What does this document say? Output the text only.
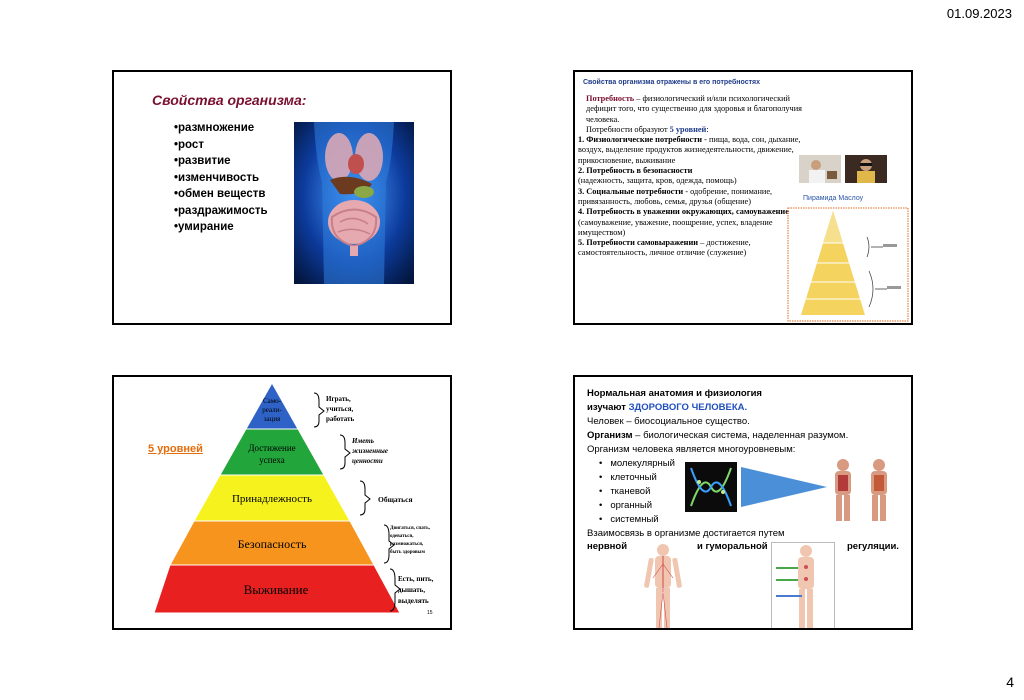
01.09.2023
Свойства организма:
• размножение
• рост
• развитие
• изменчивость
• обмен веществ
• раздражимость
• умирание
Свойства организма отражены в его потребностях

Потребность – физиологический и/или психологический дефицит того, что существенно для здоровья и благополучия человека.

Потребности образуют 5 уровней:

1. Физиологические потребности - пища, вода, сон, дыхание, воздух, выделение продуктов жизнедеятельности, движение, прикосновение, выживание

2. Потребность в безопасности
(надежность, защита, кров, одежда, помощь)

3. Социальные потребности - одобрение, понимание, привязанность, любовь, семья, друзья (общение)

4. Потребность в уважении окружающих, самоуважение (самоуважение, уважение, поощрение, успех, владение имуществом)

5. Потребности самовыражении – достижение, самостоятельность, личное отличие (служение)

Пирамида Маслоу
5 уровней
Само-реали-зация
Достижение успеха
Принадлежность
Безопасность
Выживание
Играть, учиться, работать
Иметь жизненные ценности
Общаться
Двигаться, спать, одеваться, размножаться, быть здоровым
Есть, пить, дышать, выделять
15

Нормальная анатомия и физиология

изучают ЗДОРОВОГО ЧЕЛОВЕКА.

Человек – биосоциальное существо.

Организм – биологическая система, наделенная разумом.

Организм человека является многоуровневым:

• молекулярный
• клеточный
• тканевой
• органный
• системный

Взаимосвязь в организме достигается путем

нервной	и гуморальной	регуляции.
4
